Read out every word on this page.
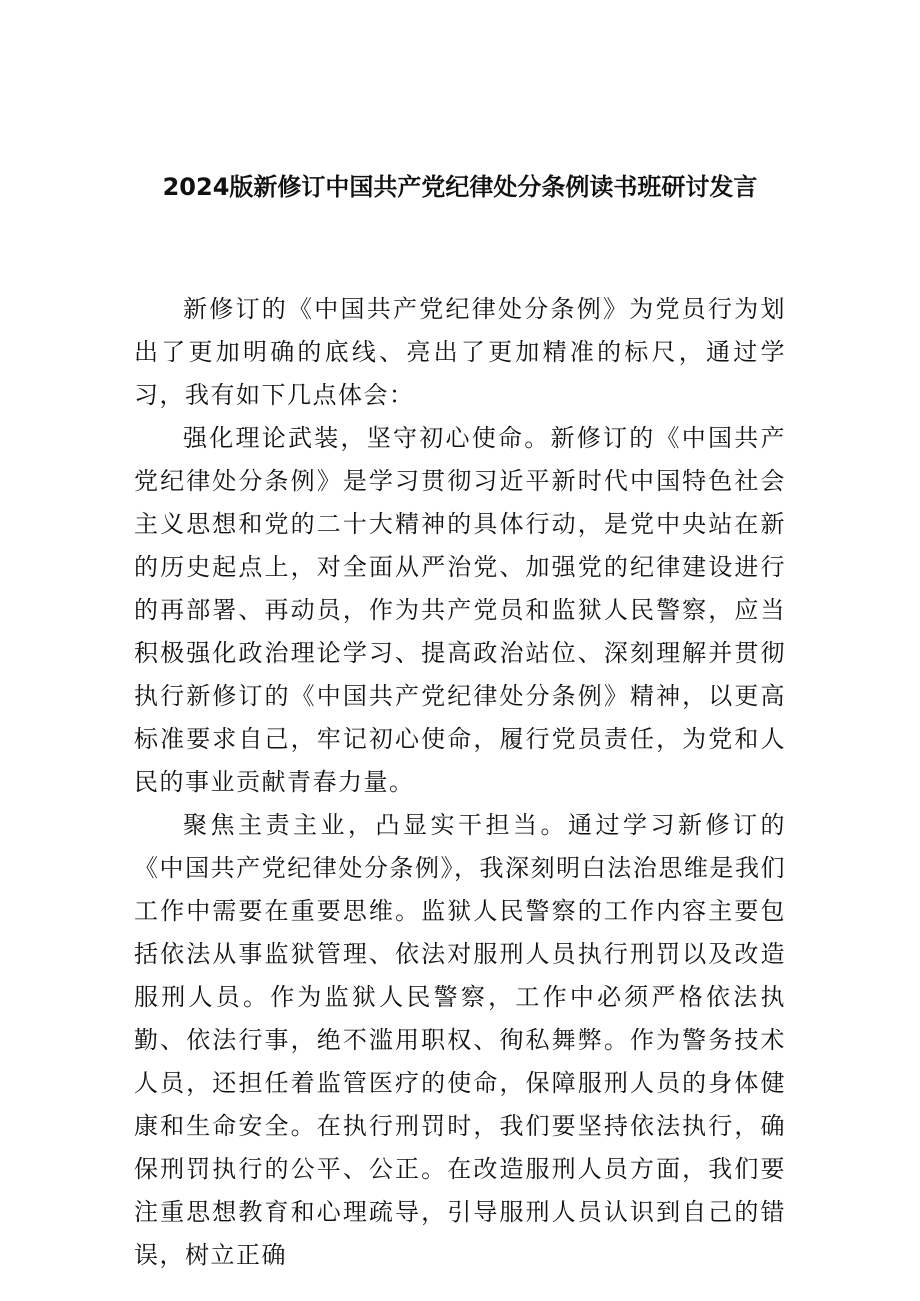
2024版新修订中国共产党纪律处分条例读书班研讨发言

新修订的《中国共产党纪律处分条例》为党员行为划出了更加明确的底线、亮出了更加精准的标尺，通过学习，我有如下几点体会：

强化理论武装，坚守初心使命。新修订的《中国共产党纪律处分条例》是学习贯彻习近平新时代中国特色社会主义思想和党的二十大精神的具体行动，是党中央站在新的历史起点上，对全面从严治党、加强党的纪律建设进行的再部署、再动员，作为共产党员和监狱人民警察，应当积极强化政治理论学习、提高政治站位、深刻理解并贯彻执行新修订的《中国共产党纪律处分条例》精神，以更高标准要求自己，牢记初心使命，履行党员责任，为党和人民的事业贡献青春力量。

聚焦主责主业，凸显实干担当。通过学习新修订的《中国共产党纪律处分条例》，我深刻明白法治思维是我们工作中需要在重要思维。监狱人民警察的工作内容主要包括依法从事监狱管理、依法对服刑人员执行刑罚以及改造服刑人员。作为监狱人民警察，工作中必须严格依法执勤、依法行事，绝不滥用职权、徇私舞弊。作为警务技术人员，还担任着监管医疗的使命，保障服刑人员的身体健康和生命安全。在执行刑罚时，我们要坚持依法执行，确保刑罚执行的公平、公正。在改造服刑人员方面，我们要注重思想教育和心理疏导，引导服刑人员认识到自己的错误，树立正确
